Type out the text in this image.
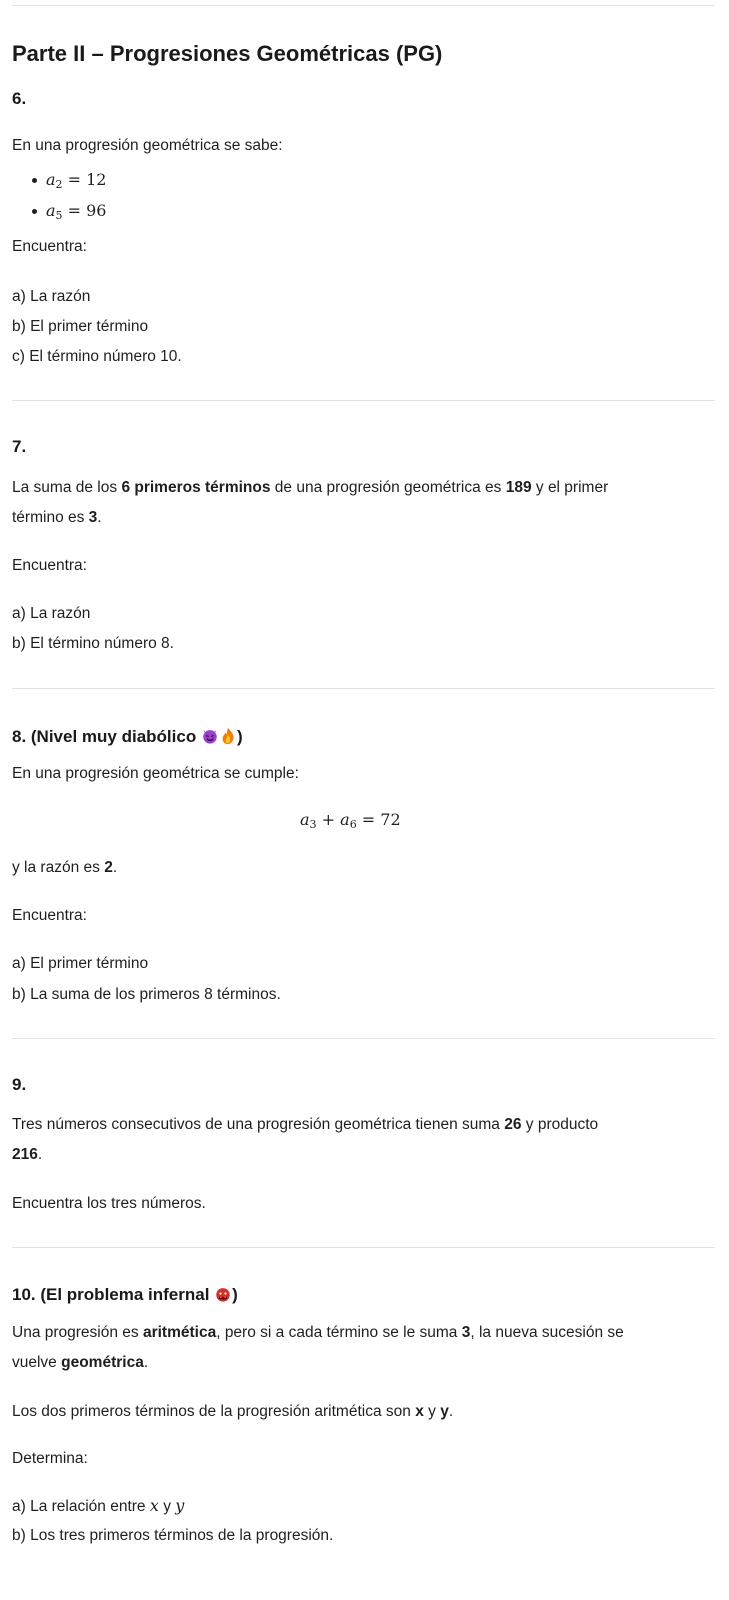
Parte II – Progresiones Geométricas (PG)
6.
En una progresión geométrica se sabe:
$a_2 = 12$
$a_5 = 96$
Encuentra:
a) La razón
b) El primer término
c) El término número 10.
7.
La suma de los 6 primeros términos de una progresión geométrica es 189 y el primer
término es 3.
Encuentra:
a) La razón
b) El término número 8.
8. (Nivel muy diabólico )
En una progresión geométrica se cumple:
$a_3 + a_6 = 72$
y la razón es 2.
Encuentra:
a) El primer término
b) La suma de los primeros 8 términos.
9.
Tres números consecutivos de una progresión geométrica tienen suma 26 y producto
216.
Encuentra los tres números.
10. (El problema infernal )
Una progresión es aritmética, pero si a cada término se le suma 3, la nueva sucesión se
vuelve geométrica.
Los dos primeros términos de la progresión aritmética son x y y.
Determina:
a) La relación entre x y y
b) Los tres primeros términos de la progresión.
